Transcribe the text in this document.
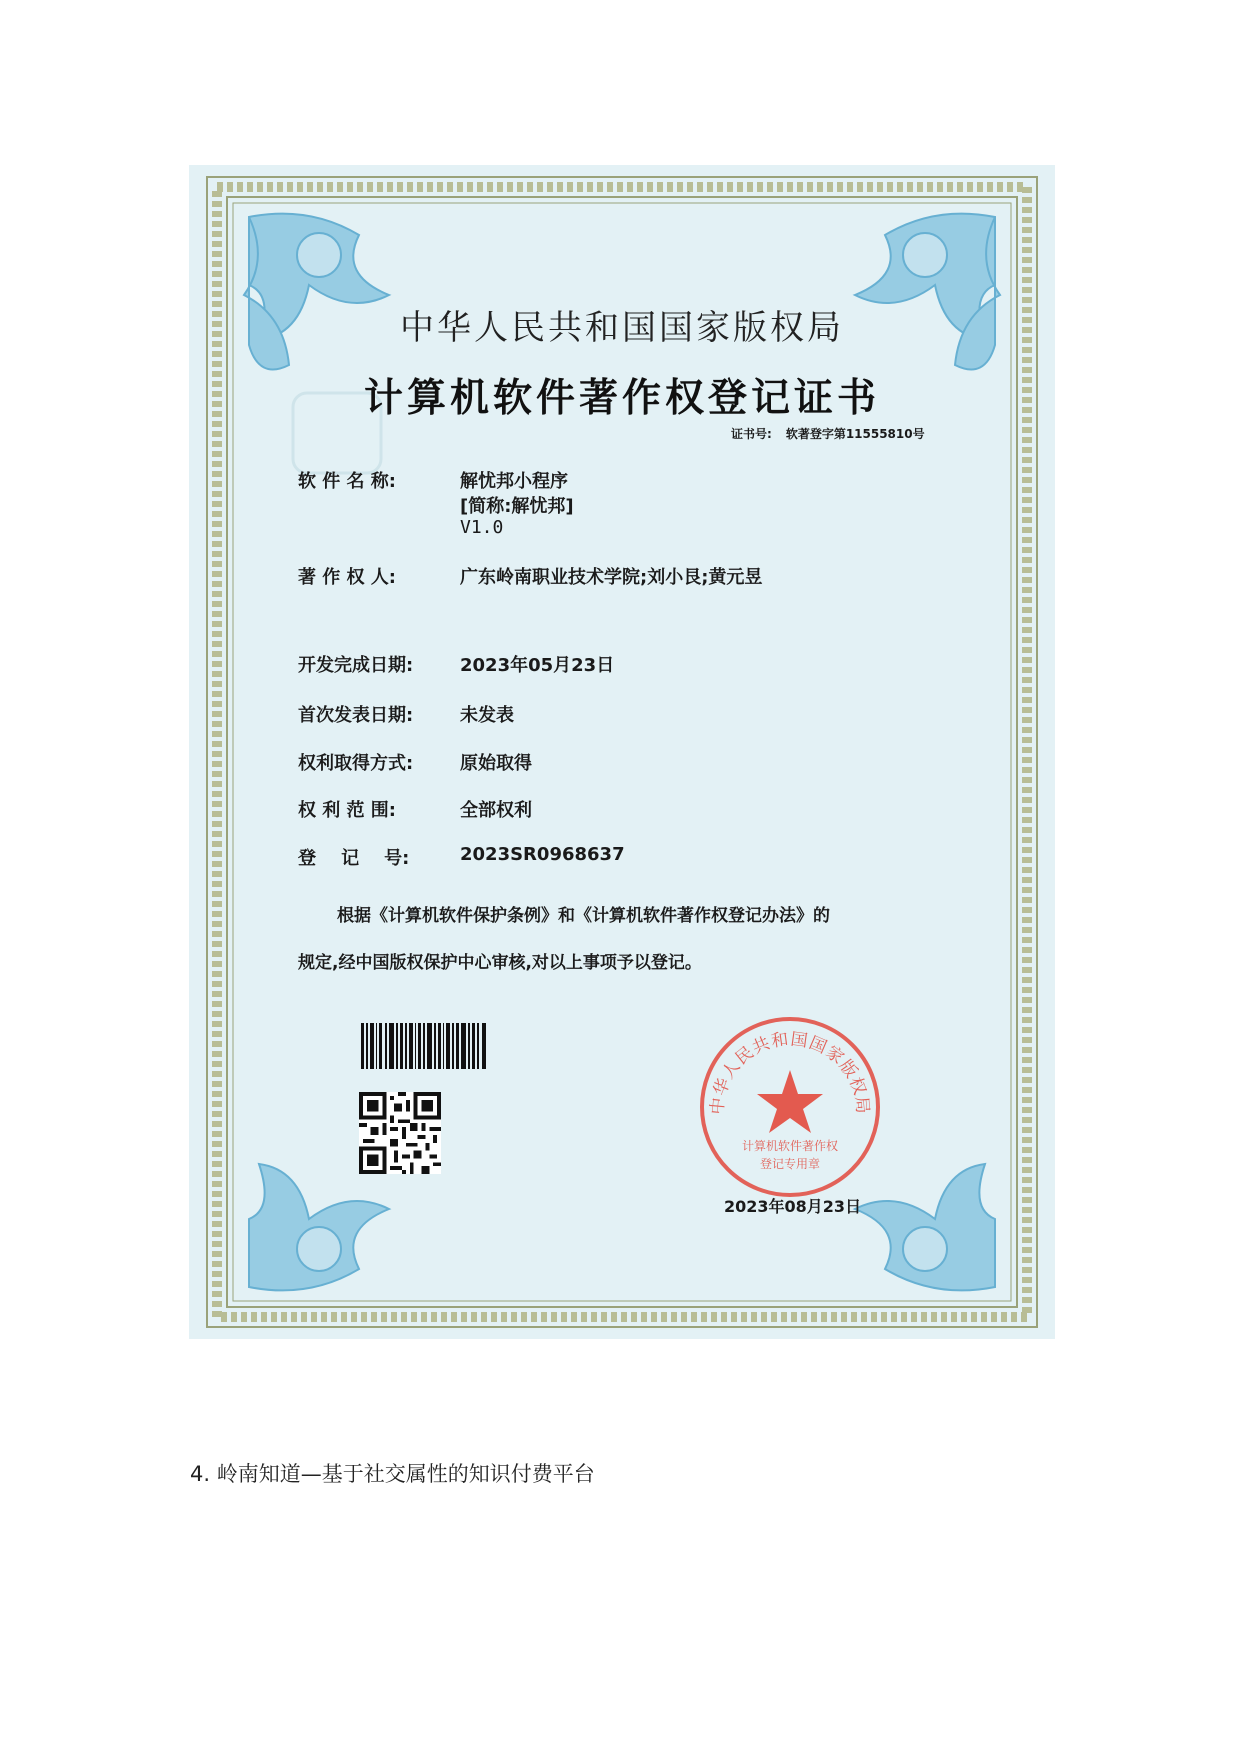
中华人民共和国国家版权局
计算机软件著作权登记证书
证书号: 软著登字第11555810号
软 件 名 称:	解忧邦小程序
[简称:解忧邦]
V1.0
著 作 权 人:	广东岭南职业技术学院;刘小艮;黄元昱
开发完成日期:	2023年05月23日
首次发表日期:	未发表
权利取得方式:	原始取得
权 利 范 围:	全部权利
登    记    号:	2023SR0968637
根据《计算机软件保护条例》和《计算机软件著作权登记办法》的
规定,经中国版权保护中心审核,对以上事项予以登记。
中华人民共和国国家版权局
计算机软件著作权
登记专用章
2023年08月23日
4. 岭南知道—基于社交属性的知识付费平台
